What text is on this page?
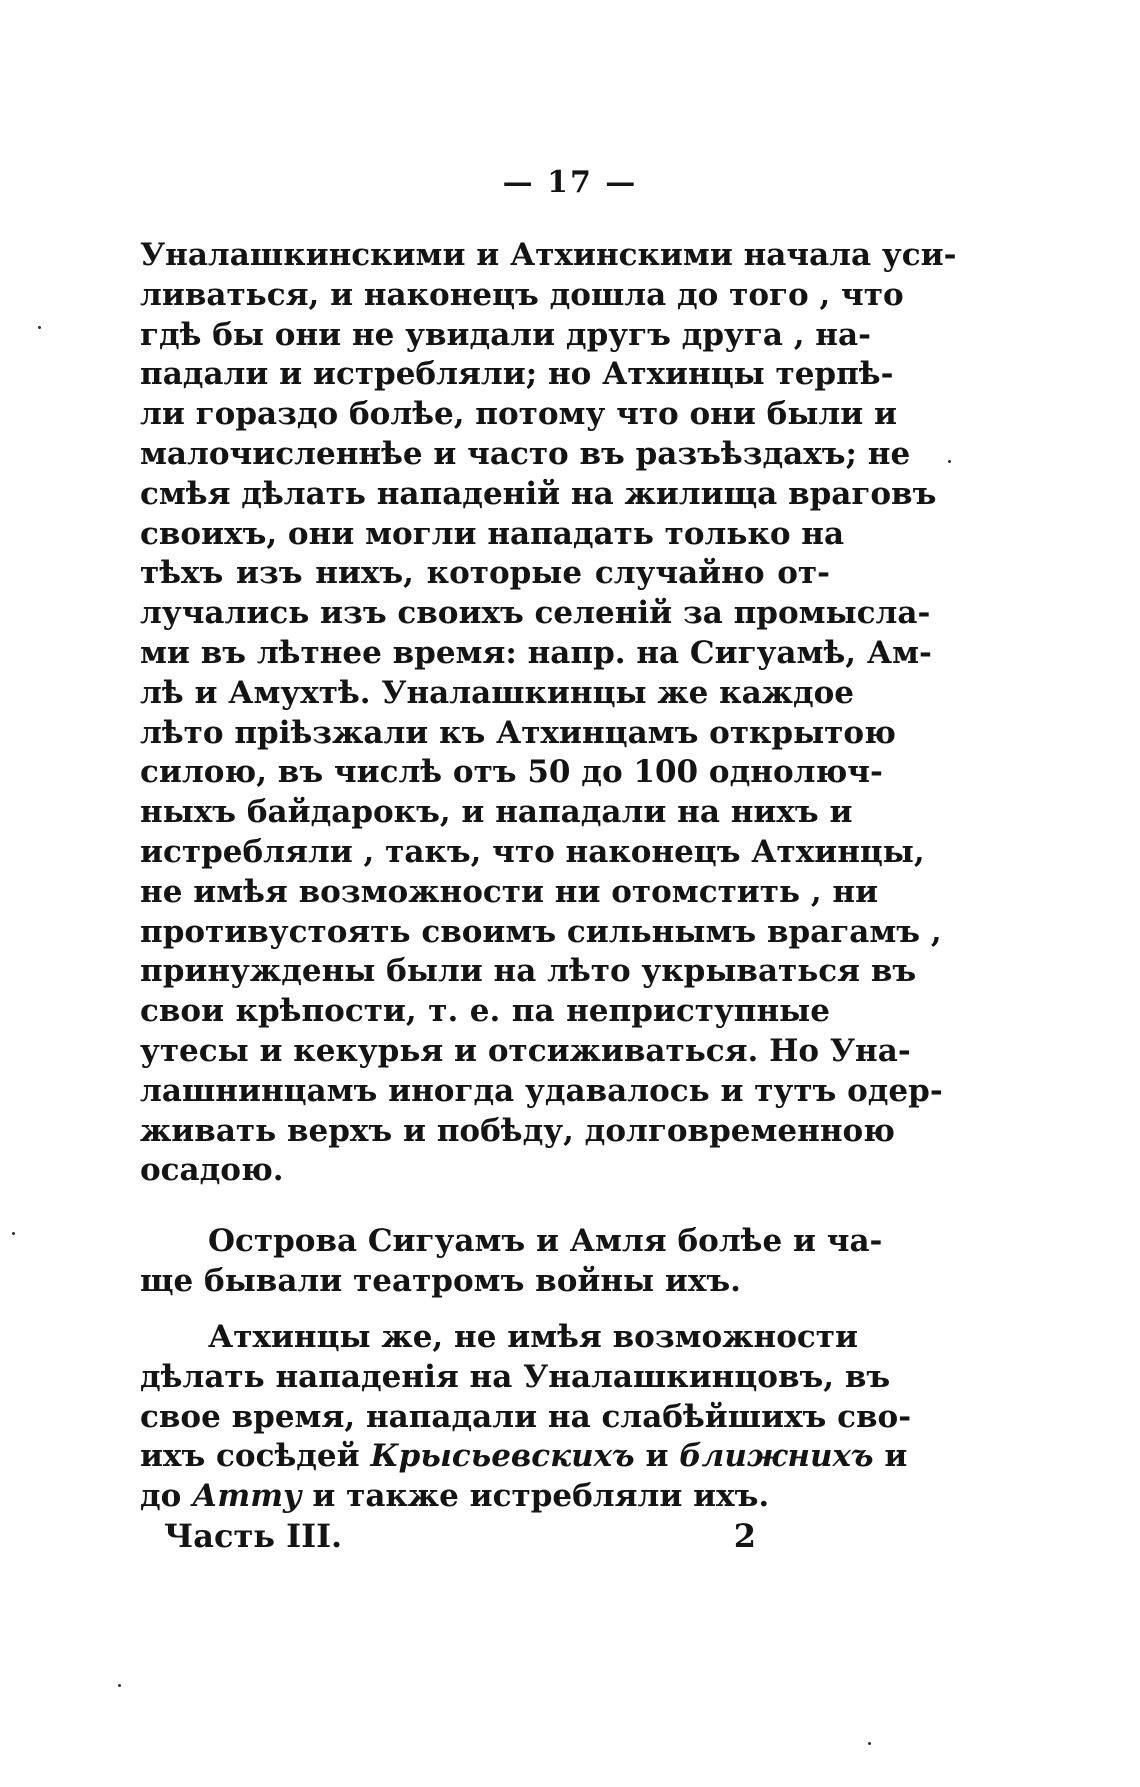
— 17 —
Уналашкинскими и Атхинскими начала уси-
ливаться, и наконецъ дошла до того , что
гдѣ бы они не увидали другъ друга , на-
падали и истребляли; но Атхинцы терпѣ-
ли гораздо болѣе, потому что они были и
малочисленнѣе и часто въ разъѣздахъ; не
смѣя дѣлать нападеній на жилища враговъ
своихъ, они могли нападать только на
тѣхъ изъ нихъ, которые случайно от-
лучались изъ своихъ селеній за промысла-
ми въ лѣтнее время: напр. на Сигуамѣ, Ам-
лѣ и Амухтѣ. Уналашкинцы же каждое
лѣто пріѣзжали къ Атхинцамъ открытою
силою, въ числѣ отъ 50 до 100 однолюч-
ныхъ байдарокъ, и нападали на нихъ и
истребляли , такъ, что наконецъ Атхинцы,
не имѣя возможности ни отомстить , ни
противустоять своимъ сильнымъ врагамъ ,
принуждены были на лѣто укрываться въ
свои крѣпости, т. е. па неприступные
утесы и кекурья и отсиживаться. Но Уна-
лашнинцамъ иногда удавалось и тутъ одер-
живать верхъ и побѣду, долговременною
осадою.
Острова Сигуамъ и Амля болѣе и ча-
ще бывали театромъ войны ихъ.
Атхинцы же, не имѣя возможности
дѣлать нападенія на Уналашкинцовъ, въ
свое время, нападали на слабѣйшихъ сво-
ихъ сосѣдей Крысьевскихъ и ближнихъ и
до Атту и также истребляли ихъ.
Часть III.	2
